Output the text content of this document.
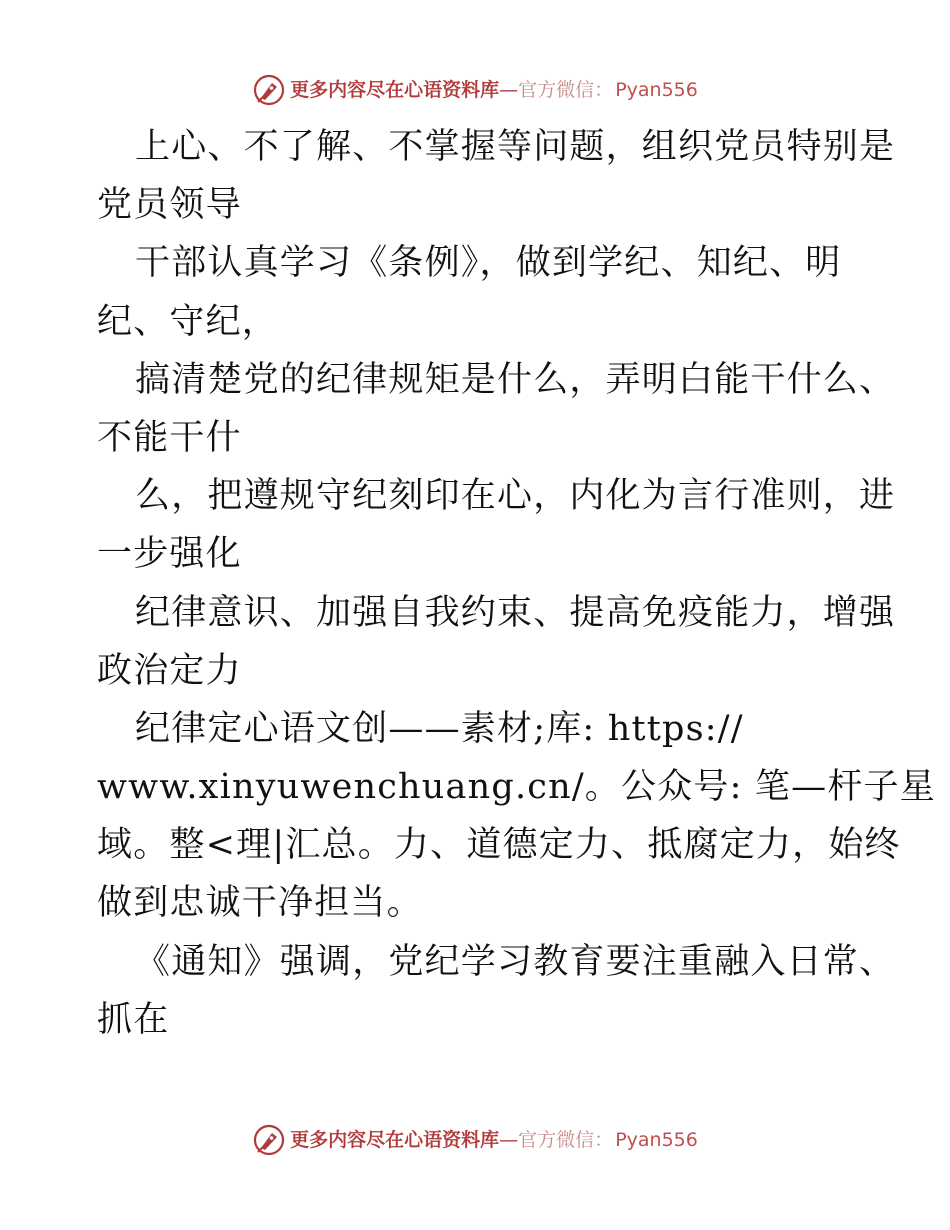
更多内容尽在心语资料库 — 官方微信： Pyan556
上心、不了解、不掌握等问题，组织党员特别是
党员领导
干部认真学习《条例》，做到学纪、知纪、明
纪、守纪，
搞清楚党的纪律规矩是什么，弄明白能干什么、
不能干什
么，把遵规守纪刻印在心，内化为言行准则，进
一步强化
纪律意识、加强自我约束、提高免疫能力，增强
政治定力
纪律定心语文创——素材;库: https://
www.xinyuwenchuang.cn/。公众号: 笔—杆子星
域。整<理|汇总。力、道德定力、抵腐定力，始终
做到忠诚干净担当。
《通知》强调，党纪学习教育要注重融入日常、
抓在
更多内容尽在心语资料库 — 官方微信： Pyan556
